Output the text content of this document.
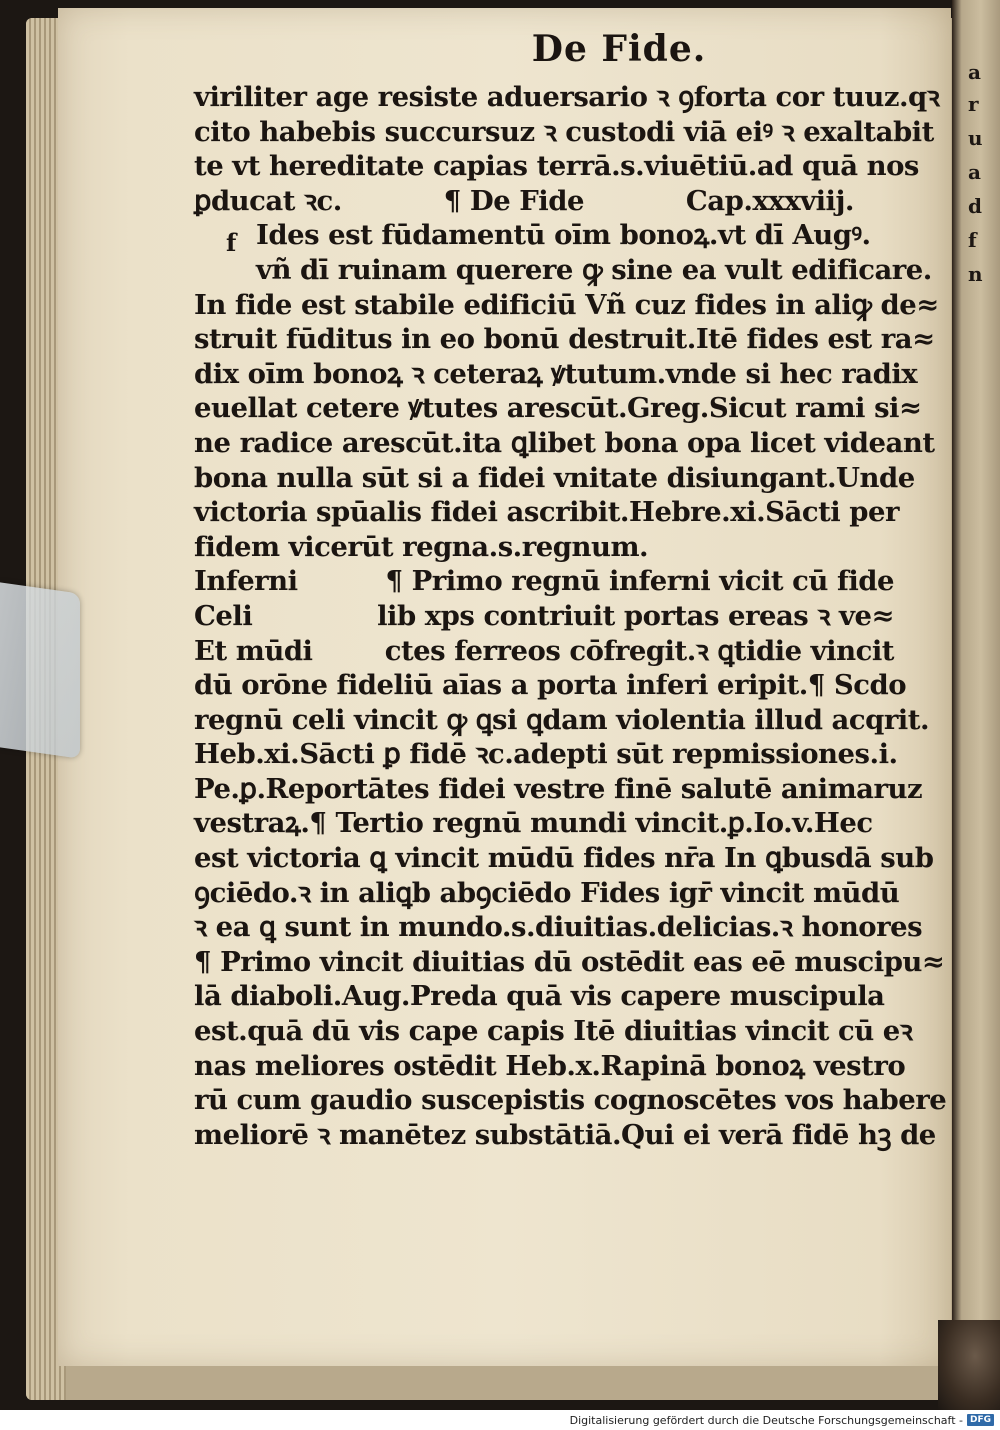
a
r
u
a
d
f
n
De Fide.
viriliter age resiste aduersario ꝛ ꝯforta cor tuuz.qꝛ
cito habebis succursuz ꝛ custodi viā eiꝰ ꝛ exaltabit
te vt hereditate capias terrā.s.viuētiū.ad quā nos
ꝑducat ꝛc.	¶ De Fide	Cap.xxxviij.
f Ides est fūdamentū oīm bonoꝝ.vt dī Augꝰ.
vñ dī ruinam querere ꝙ sine ea vult edificare.
In fide est stabile edificiū Vñ cuz fides in aliꝙ de≈
struit fūditus in eo bonū destruit.Itē fides est ra≈
dix oīm bonoꝝ ꝛ ceteraꝝ ꝟtutum.vnde si hec radix
euellat cetere ꝟtutes arescūt.Greg.Sicut rami si≈
ne radice arescūt.ita ꝗlibet bona opa licet videant
bona nulla sūt si a fidei vnitate disiungant.Unde
victoria spūalis fidei ascribit.Hebre.xi.Sācti per
fidem vicerūt regna.s.regnum.
Inferni	¶ Primo regnū inferni vicit cū fide
Celi	lib xps contriuit portas ereas ꝛ ve≈
Et mūdi	ctes ferreos cōfregit.ꝛ ꝗtidie vincit
dū orōne fideliū aīas a porta inferi eripit.¶ Scdo
regnū celi vincit ꝙ ꝗsi ꝗdam violentia illud acqrit.
Heb.xi.Sācti ꝑ fidē ꝛc.adepti sūt repmissiones.i.
Pe.ꝑ.Reportātes fidei vestre finē salutē animaruz
vestraꝝ.¶ Tertio regnū mundi vincit.ꝑ.Io.v.Hec
est victoria ꝗ vincit mūdū fides nr̄a In ꝗbusdā sub
ꝯciēdo.ꝛ in aliꝗb abꝯciēdo Fides igr̄ vincit mūdū
ꝛ ea ꝗ sunt in mundo.s.diuitias.delicias.ꝛ honores
¶ Primo vincit diuitias dū ostēdit eas eē muscipu≈
lā diaboli.Aug.Preda quā vis capere muscipula
est.quā dū vis cape capis Itē diuitias vincit cū eꝛ
nas meliores ostēdit Heb.x.Rapinā bonoꝝ vestro
rū cum gaudio suscepistis cognoscētes vos habere
meliorē ꝛ manētez substātiā.Qui ei verā fidē hꝫ de
Digitalisierung gefördert durch die Deutsche Forschungsgemeinschaft - DFG
